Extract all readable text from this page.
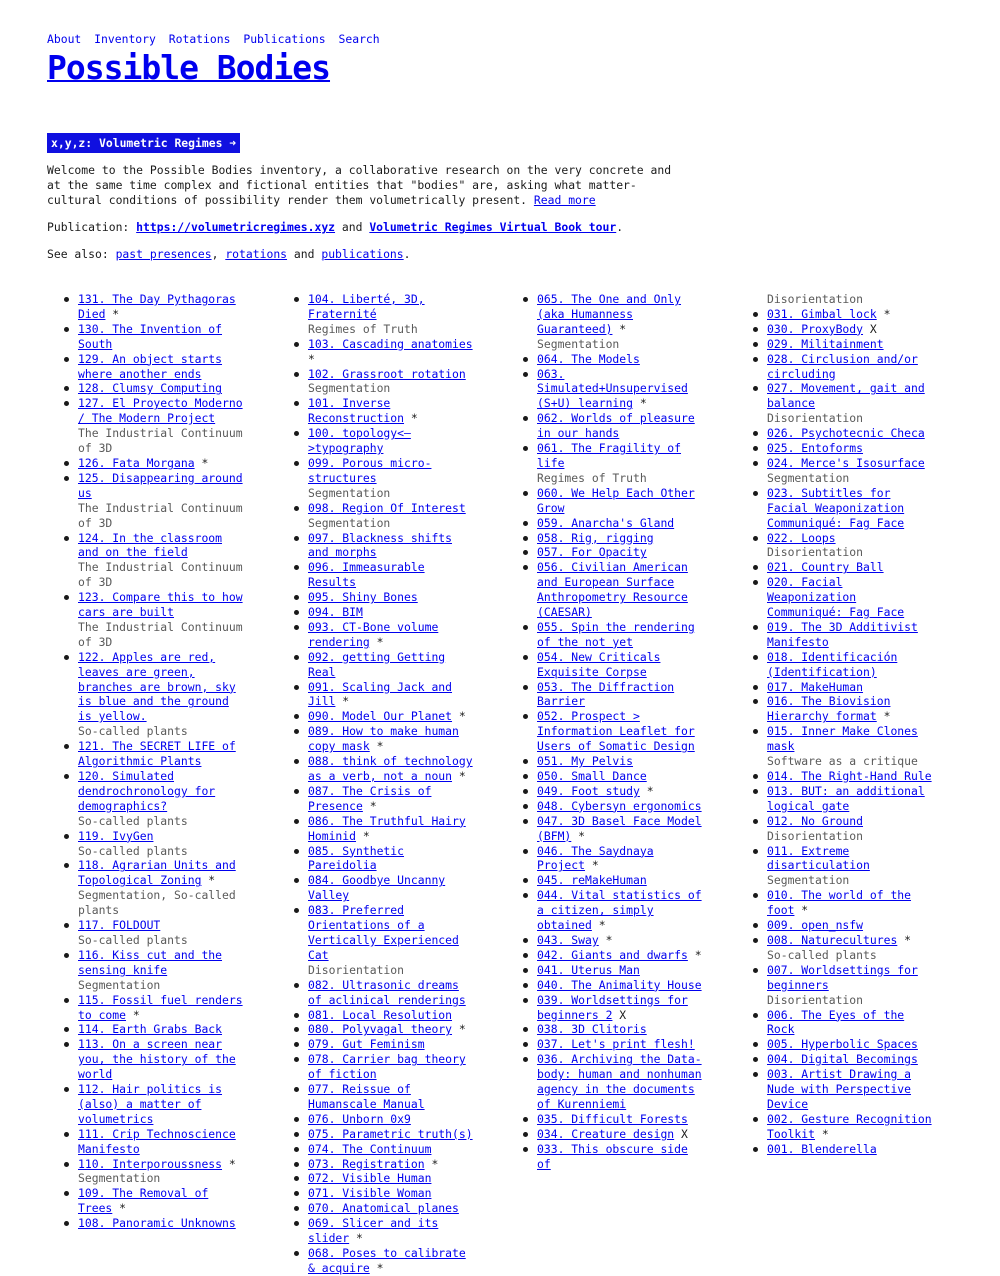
About Inventory Rotations Publications Search
Possible Bodies
x,y,z: Volumetric Regimes ➜

Welcome to the Possible Bodies inventory, a collaborative research on the very concrete and at the same time complex and fictional entities that "bodies" are, asking what matter-cultural conditions of possibility render them volumetrically present. Read more

Publication: https://volumetricregimes.xyz and Volumetric Regimes Virtual Book tour.

See also: past presences, rotations and publications.

131. The Day Pythagoras Died *
130. The Invention of South
129. An object starts where another ends
128. Clumsy Computing
127. El Proyecto Moderno / The Modern Project
The Industrial Continuum of 3D
126. Fata Morgana *
125. Disappearing around us
The Industrial Continuum of 3D
124. In the classroom and on the field
The Industrial Continuum of 3D
123. Compare this to how cars are built
The Industrial Continuum of 3D
122. Apples are red, leaves are green, branches are brown, sky is blue and the ground is yellow.
So-called plants
121. The SECRET LIFE of Algorithmic Plants
120. Simulated dendrochronology for demographics?
So-called plants
119. IvyGen
So-called plants
118. Agrarian Units and Topological Zoning *
Segmentation, So-called plants
117. FOLDOUT
So-called plants
116. Kiss cut and the sensing knife
Segmentation
115. Fossil fuel renders to come *
114. Earth Grabs Back
113. On a screen near you, the history of the world
112. Hair politics is (also) a matter of volumetrics
111. Crip Technoscience Manifesto
110. Interporoussness *
Segmentation
109. The Removal of Trees *
108. Panoramic Unknowns
104. Liberté, 3D, Fraternité
Regimes of Truth
103. Cascading anatomies *
102. Grassroot rotation
Segmentation
101. Inverse Reconstruction *
100. topology<–>typography
099. Porous micro-structures
Segmentation
098. Region Of Interest
Segmentation
097. Blackness shifts and morphs
096. Immeasurable Results
095. Shiny Bones
094. BIM
093. CT-Bone volume rendering *
092. getting Getting Real
091. Scaling Jack and Jill *
090. Model Our Planet *
089. How to make human copy mask *
088. think of technology as a verb, not a noun *
087. The Crisis of Presence *
086. The Truthful Hairy Hominid *
085. Synthetic Pareidolia
084. Goodbye Uncanny Valley
083. Preferred Orientations of a Vertically Experienced Cat
Disorientation
082. Ultrasonic dreams of aclinical renderings
081. Local Resolution
080. Polyvagal theory *
079. Gut Feminism
078. Carrier bag theory of fiction
077. Reissue of Humanscale Manual
076. Unborn 0x9
075. Parametric truth(s)
074. The Continuum
073. Registration *
072. Visible Human
071. Visible Woman
070. Anatomical planes
069. Slicer and its slider *
068. Poses to calibrate & acquire *
065. The One and Only (aka Humanness Guaranteed) *
Segmentation
064. The Models
063. Simulated+Unsupervised (S+U) learning *
062. Worlds of pleasure in our hands
061. The Fragility of life
Regimes of Truth
060. We Help Each Other Grow
059. Anarcha's Gland
058. Rig, rigging
057. For Opacity
056. Civilian American and European Surface Anthropometry Resource (CAESAR)
055. Spin the rendering of the not yet
054. New Criticals Exquisite Corpse
053. The Diffraction Barrier
052. Prospect > Information Leaflet for Users of Somatic Design
051. My Pelvis
050. Small Dance
049. Foot study *
048. Cybersyn ergonomics
047. 3D Basel Face Model (BFM) *
046. The Saydnaya Project *
045. reMakeHuman
044. Vital statistics of a citizen, simply obtained *
043. Sway *
042. Giants and dwarfs *
041. Uterus Man
040. The Animality House
039. Worldsettings for beginners 2 X
038. 3D Clitoris
037. Let's print flesh!
036. Archiving the Data-body: human and nonhuman agency in the documents of Kurenniemi
035. Difficult Forests
034. Creature design X
033. This obscure side of
Disorientation
031. Gimbal lock *
030. ProxyBody X
029. Militainment
028. Circlusion and/or circluding
027. Movement, gait and balance
Disorientation
026. Psychotecnic Checa
025. Entoforms
024. Merce's Isosurface
Segmentation
023. Subtitles for Facial Weaponization Communiqué: Fag Face
022. Loops
Disorientation
021. Country Ball
020. Facial Weaponization Communiqué: Fag Face
019. The 3D Additivist Manifesto
018. Identificación (Identification)
017. MakeHuman
016. The Biovision Hierarchy format *
015. Inner Make Clones mask
Software as a critique
014. The Right-Hand Rule
013. BUT: an additional logical gate
012. No Ground
Disorientation
011. Extreme disarticulation
Segmentation
010. The world of the foot *
009. open_nsfw
008. Naturecultures *
So-called plants
007. Worldsettings for beginners
Disorientation
006. The Eyes of the Rock
005. Hyperbolic Spaces
004. Digital Becomings
003. Artist Drawing a Nude with Perspective Device
002. Gesture Recognition Toolkit *
001. Blenderella
